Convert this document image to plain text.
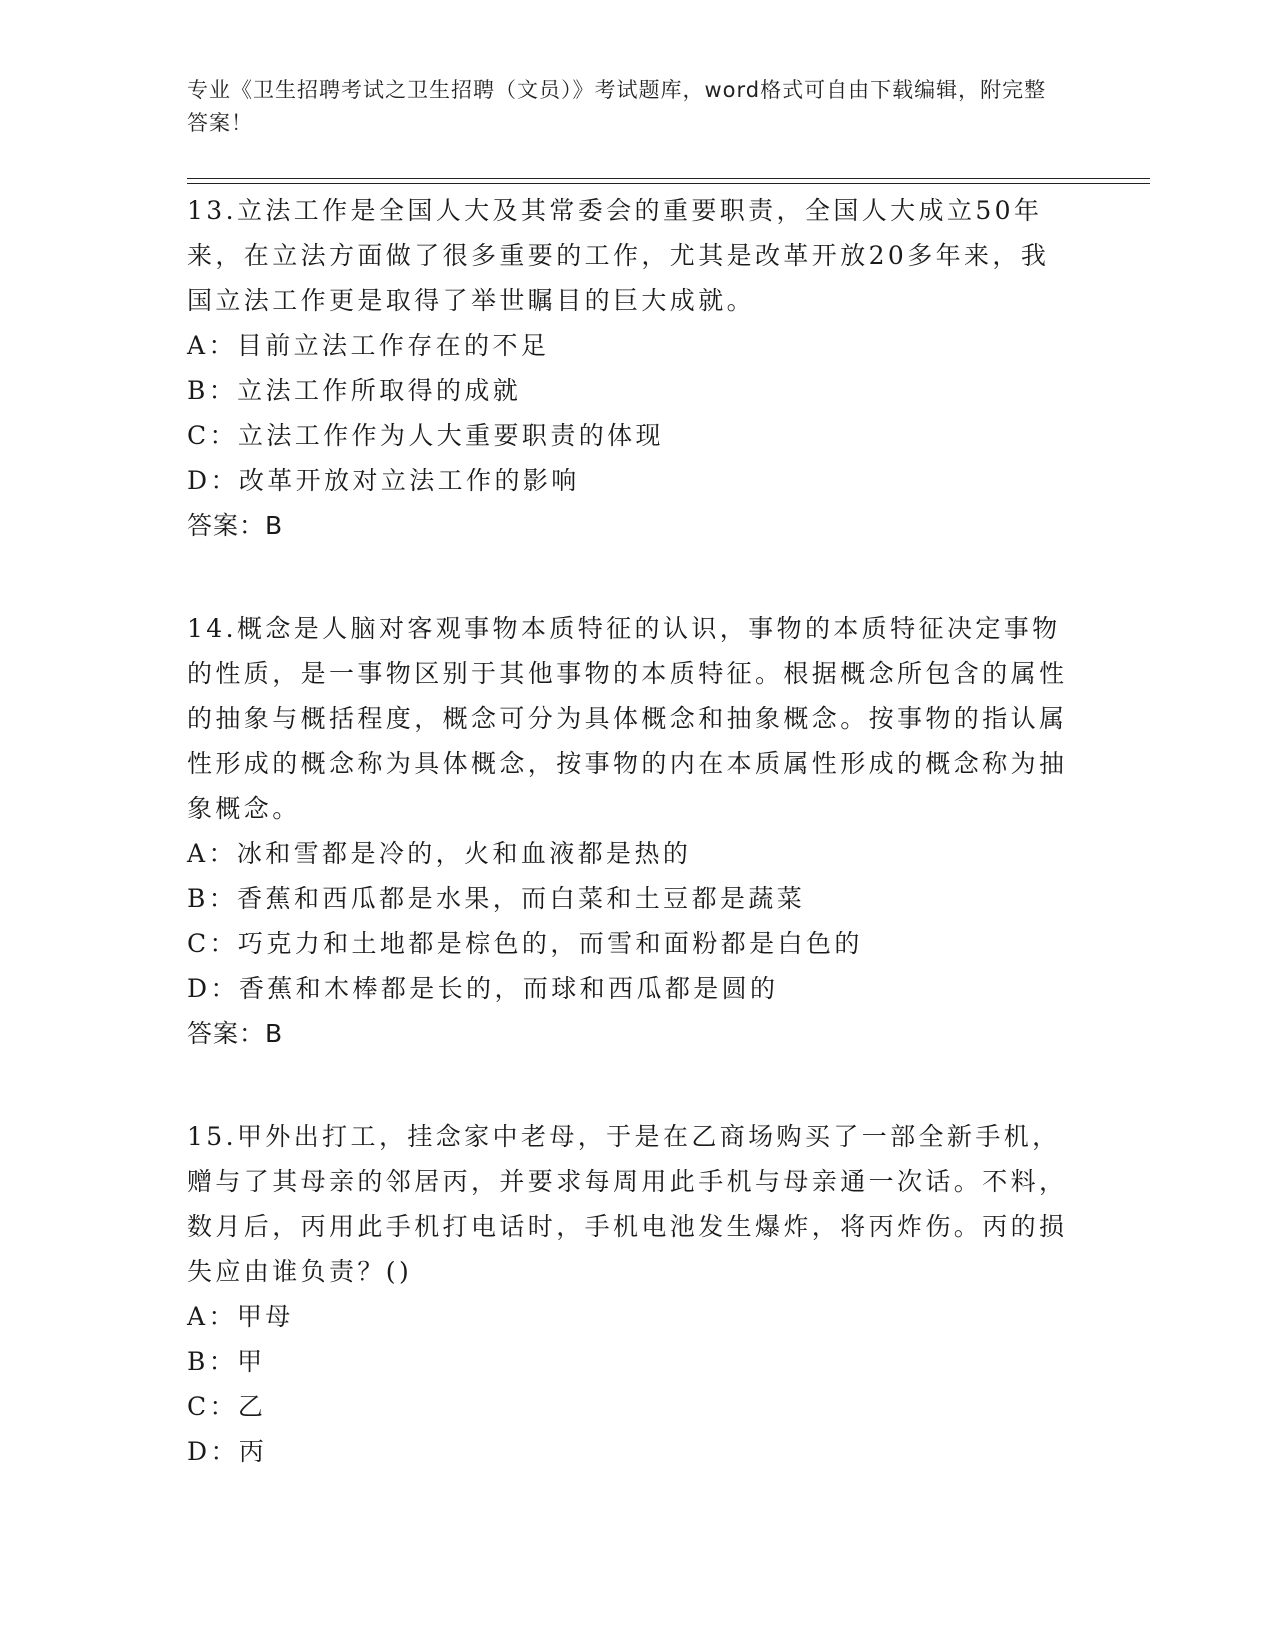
专业《卫生招聘考试之卫生招聘（文员）》考试题库，word格式可自由下载编辑，附完整答案！

13.立法工作是全国人大及其常委会的重要职责，全国人大成立50年来，在立法方面做了很多重要的工作，尤其是改革开放20多年来，我国立法工作更是取得了举世瞩目的巨大成就。

A：目前立法工作存在的不足

B：立法工作所取得的成就

C：立法工作作为人大重要职责的体现

D：改革开放对立法工作的影响

答案：B

14.概念是人脑对客观事物本质特征的认识，事物的本质特征决定事物的性质，是一事物区别于其他事物的本质特征。根据概念所包含的属性的抽象与概括程度，概念可分为具体概念和抽象概念。按事物的指认属性形成的概念称为具体概念，按事物的内在本质属性形成的概念称为抽象概念。

A：冰和雪都是冷的，火和血液都是热的

B：香蕉和西瓜都是水果，而白菜和土豆都是蔬菜

C：巧克力和土地都是棕色的，而雪和面粉都是白色的

D：香蕉和木棒都是长的，而球和西瓜都是圆的

答案：B

15.甲外出打工，挂念家中老母，于是在乙商场购买了一部全新手机，赠与了其母亲的邻居丙，并要求每周用此手机与母亲通一次话。不料，数月后，丙用此手机打电话时，手机电池发生爆炸，将丙炸伤。丙的损失应由谁负责？()

A：甲母

B：甲

C：乙

D：丙
